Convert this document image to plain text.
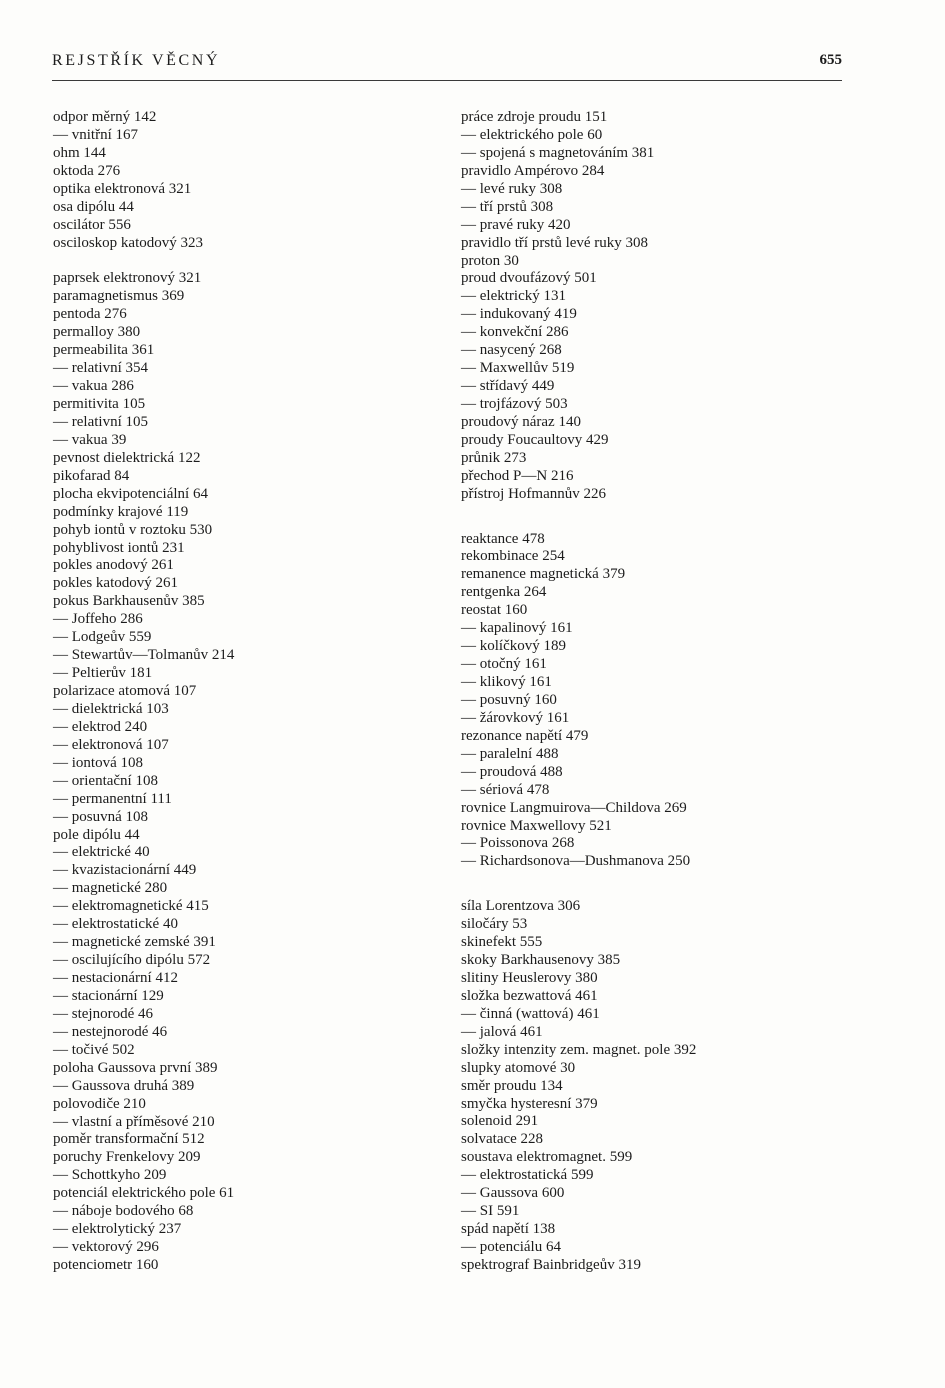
REJSTŘÍK VĚCNÝ	655
odpor měrný 142
— vnitřní 167
ohm 144
oktoda 276
optika elektronová 321
osa dipólu 44
oscilátor 556
osciloskop katodový 323
paprsek elektronový 321
paramagnetismus 369
pentoda 276
permalloy 380
permeabilita 361
— relativní 354
— vakua 286
permitivita 105
— relativní 105
— vakua 39
pevnost dielektrická 122
pikofarad 84
plocha ekvipotenciální 64
podmínky krajové 119
pohyb iontů v roztoku 530
pohyblivost iontů 231
pokles anodový 261
pokles katodový 261
pokus Barkhausenův 385
— Joffeho 286
— Lodgeův 559
— Stewartův—Tolmanův 214
— Peltierův 181
polarizace atomová 107
— dielektrická 103
— elektrod 240
— elektronová 107
— iontová 108
— orientační 108
— permanentní 111
— posuvná 108
pole dipólu 44
— elektrické 40
— kvazistacionární 449
— magnetické 280
— elektromagnetické 415
— elektrostatické 40
— magnetické zemské 391
— oscilujícího dipólu 572
— nestacionární 412
— stacionární 129
— stejnorodé 46
— nestejnorodé 46
— točivé 502
poloha Gaussova první 389
— Gaussova druhá 389
polovodiče 210
— vlastní a příměsové 210
poměr transformační 512
poruchy Frenkelovy 209
— Schottkyho 209
potenciál elektrického pole 61
— náboje bodového 68
— elektrolytický 237
— vektorový 296
potenciometr 160
práce zdroje proudu 151
— elektrického pole 60
— spojená s magnetováním 381
pravidlo Ampérovo 284
— levé ruky 308
— tří prstů 308
— pravé ruky 420
pravidlo tří prstů levé ruky 308
proton 30
proud dvoufázový 501
— elektrický 131
— indukovaný 419
— konvekční 286
— nasycený 268
— Maxwellův 519
— střídavý 449
— trojfázový 503
proudový náraz 140
proudy Foucaultovy 429
průnik 273
přechod P—N 216
přístroj Hofmannův 226
reaktance 478
rekombinace 254
remanence magnetická 379
rentgenka 264
reostat 160
— kapalinový 161
— kolíčkový 189
— otočný 161
— klikový 161
— posuvný 160
— žárovkový 161
rezonance napětí 479
— paralelní 488
— proudová 488
— sériová 478
rovnice Langmuirova—Childova 269
rovnice Maxwellovy 521
— Poissonova 268
— Richardsonova—Dushmanova 250
síla Lorentzova 306
siločáry 53
skinefekt 555
skoky Barkhausenovy 385
slitiny Heuslerovy 380
složka bezwattová 461
— činná (wattová) 461
— jalová 461
složky intenzity zem. magnet. pole 392
slupky atomové 30
směr proudu 134
smyčka hysteresní 379
solenoid 291
solvatace 228
soustava elektromagnet. 599
— elektrostatická 599
— Gaussova 600
— SI 591
spád napětí 138
— potenciálu 64
spektrograf Bainbridgeův 319
